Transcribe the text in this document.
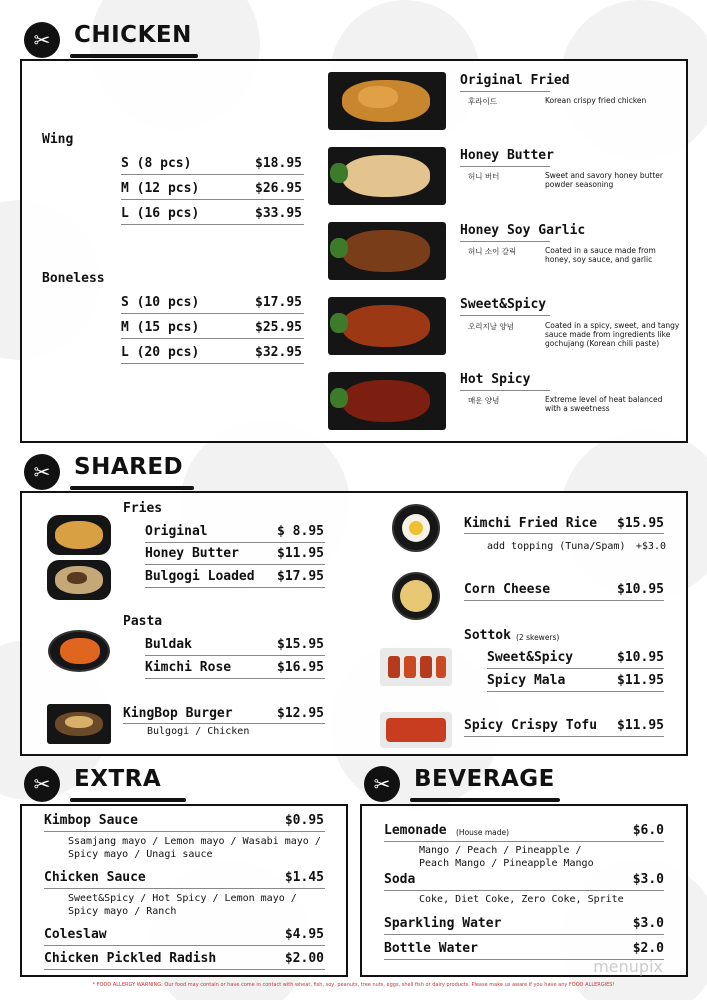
✂	CHICKEN
Wing
S (8 pcs)	$18.95
M (12 pcs)	$26.95
L (16 pcs)	$33.95
Boneless
S (10 pcs)	$17.95
M (15 pcs)	$25.95
L (20 pcs)	$32.95
Original Fried
후라이드	Korean crispy fried chicken
Honey Butter
허니 버터	Sweet and savory honey butter powder seasoning
Honey Soy Garlic
허니 소이 갈릭	Coated in a sauce made from honey, soy sauce, and garlic
Sweet&Spicy
오리지날 양념	Coated in a spicy, sweet, and tangy sauce made from ingredients like gochujang (Korean chili paste)
Hot Spicy
매운 양념	Extreme level of heat balanced with a sweetness
✂	SHARED
Fries
Original	$ 8.95
Honey Butter	$11.95
Bulgogi Loaded	$17.95
Pasta
Buldak	$15.95
Kimchi Rose	$16.95
KingBop Burger	$12.95
Bulgogi / Chicken
Kimchi Fried Rice	$15.95
add topping (Tuna/Spam)	+$3.0
Corn Cheese	$10.95
Sottok (2 skewers)
Sweet&Spicy	$10.95
Spicy Mala	$11.95
Spicy Crispy Tofu	$11.95
✂	EXTRA
Kimbop Sauce	$0.95
Ssamjang mayo / Lemon mayo / Wasabi mayo /
Spicy mayo / Unagi sauce
Chicken Sauce	$1.45
Sweet&Spicy / Hot Spicy / Lemon mayo /
Spicy mayo / Ranch
Coleslaw	$4.95
Chicken Pickled Radish	$2.00
✂	BEVERAGE
Lemonade (House made)	$6.0
Mango / Peach / Pineapple /
Peach Mango / Pineapple Mango
Soda	$3.0
Coke, Diet Coke, Zero Coke, Sprite
Sparkling Water	$3.0
Bottle Water	$2.0
menupix
* FOOD ALLERGY WARNING: Our food may contain or have come in contact with wheat, fish, soy, peanuts, tree nuts, eggs, shell fish or dairy products. Please make us aware if you have any FOOD ALLERGIES!
